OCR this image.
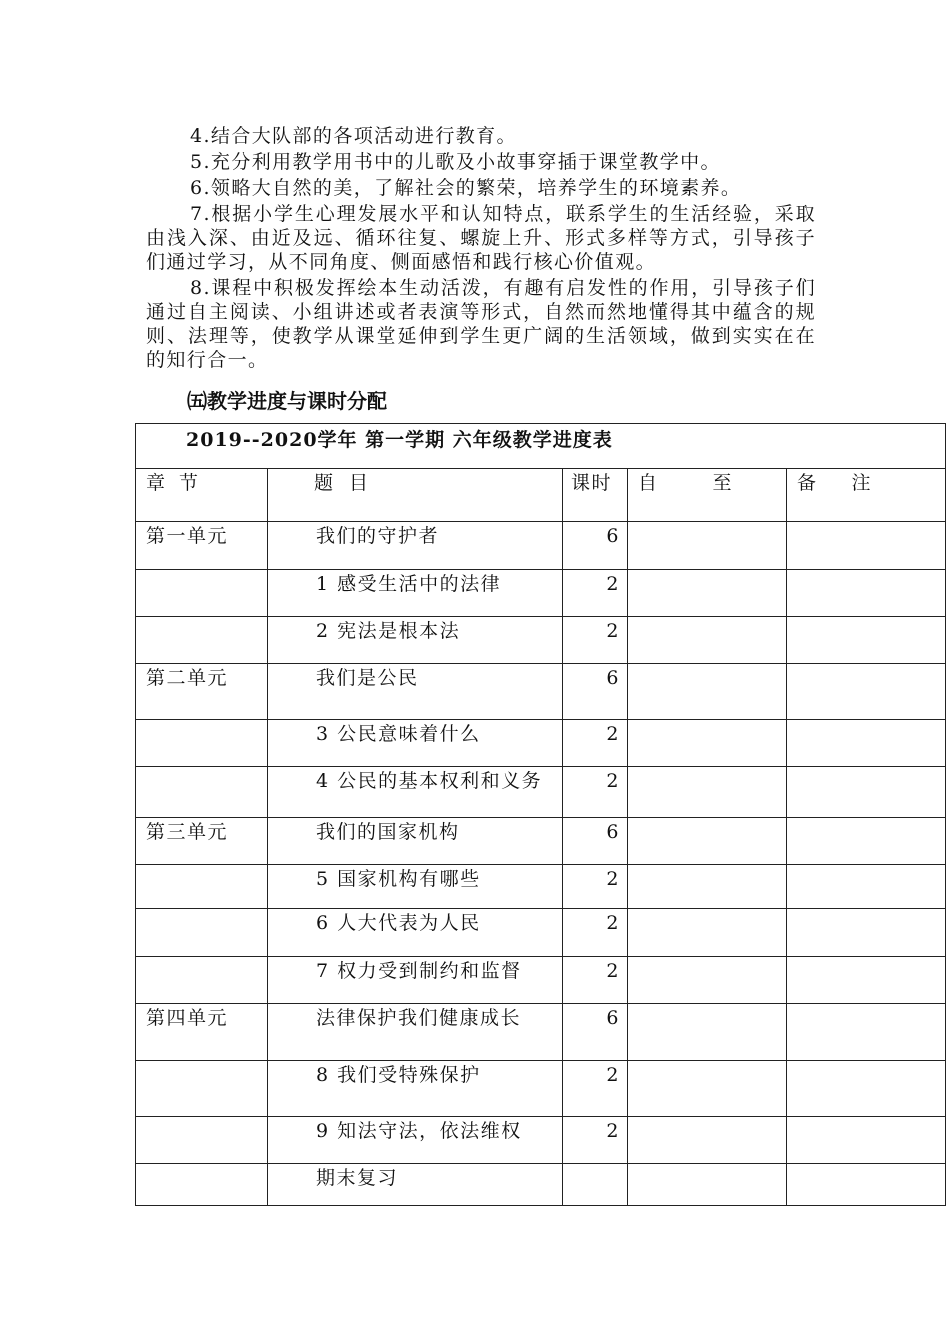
4.结合大队部的各项活动进行教育。

5.充分利用教学用书中的儿歌及小故事穿插于课堂教学中。

6.领略大自然的美，了解社会的繁荣，培养学生的环境素养。

7.根据小学生心理发展水平和认知特点，联系学生的生活经验，采取由浅入深、由近及远、循环往复、螺旋上升、形式多样等方式，引导孩子们通过学习，从不同角度、侧面感悟和践行核心价值观。

8.课程中积极发挥绘本生动活泼，有趣有启发性的作用，引导孩子们通过自主阅读、小组讲述或者表演等形式，自然而然地懂得其中蕴含的规则、法理等，使教学从课堂延伸到学生更广阔的生活领域，做到实实在在的知行合一。

㈤教学进度与课时分配
2019--2020学年 第一学期 六年级教学进度表				
章节	题目	课时	自 至	备 注
第一单元	我们的守护者	6		
	1 感受生活中的法律	2		
	2 宪法是根本法	2		
第二单元	我们是公民	6		
	3 公民意味着什么	2		
	4 公民的基本权利和义务	2		
第三单元	我们的国家机构	6		
	5 国家机构有哪些	2		
	6 人大代表为人民	2		
	7 权力受到制约和监督	2		
第四单元	法律保护我们健康成长	6		
	8 我们受特殊保护	2		
	9 知法守法，依法维权	2		
	期末复习			
